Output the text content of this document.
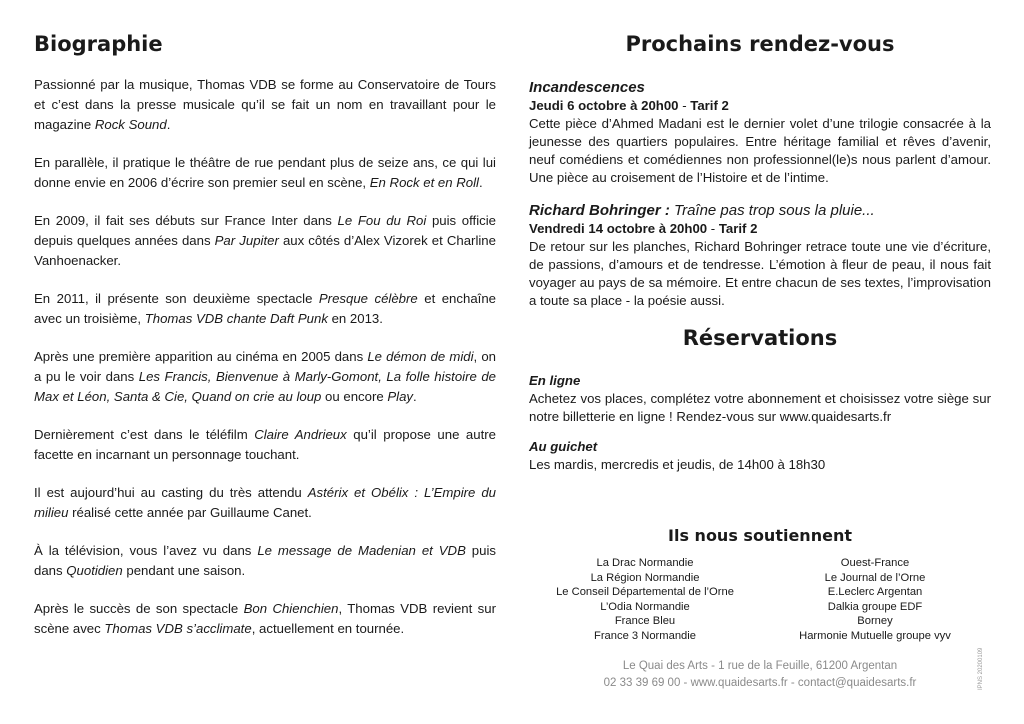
Biographie

Passionné par la musique, Thomas VDB se forme au Conservatoire de Tours et c’est dans la presse musicale qu’il se fait un nom en travaillant pour le magazine Rock Sound.

En parallèle, il pratique le théâtre de rue pendant plus de seize ans, ce qui lui donne envie en 2006 d’écrire son premier seul en scène, En Rock et en Roll.

En 2009, il fait ses débuts sur France Inter dans Le Fou du Roi puis officie depuis quelques années dans Par Jupiter aux côtés d’Alex Vizorek et Charline Vanhoenacker.

En 2011, il présente son deuxième spectacle Presque célèbre et enchaîne avec un troisième, Thomas VDB chante Daft Punk en 2013.

Après une première apparition au cinéma en 2005 dans Le démon de midi, on a pu le voir dans Les Francis, Bienvenue à Marly-Gomont, La folle histoire de Max et Léon, Santa & Cie, Quand on crie au loup ou encore Play.

Dernièrement c’est dans le téléfilm Claire Andrieux qu’il propose une autre facette en incarnant un personnage touchant.

Il est aujourd’hui au casting du très attendu Astérix et Obélix : L’Empire du milieu réalisé cette année par Guillaume Canet.

À la télévision, vous l’avez vu dans Le message de Madenian et VDB puis dans Quotidien pendant une saison.

Après le succès de son spectacle Bon Chienchien, Thomas VDB revient sur scène avec Thomas VDB s’acclimate, actuellement en tournée.

Prochains rendez-vous
Incandescences
Jeudi 6 octobre à 20h00 - Tarif 2

Cette pièce d’Ahmed Madani est le dernier volet d’une trilogie consacrée à la jeunesse des quartiers populaires. Entre héritage familial et rêves d’avenir, neuf comédiens et comédiennes non professionnel(le)s nous parlent d’amour. Une pièce au croisement de l’Histoire et de l’intime.

Richard Bohringer : Traîne pas trop sous la pluie...
Vendredi 14 octobre à 20h00 - Tarif 2

De retour sur les planches, Richard Bohringer retrace toute une vie d’écriture, de passions, d’amours et de tendresse. L’émotion à fleur de peau, il nous fait voyager au pays de sa mémoire. Et entre chacun de ses textes, l’improvisation a toute sa place - la poésie aussi.

Réservations
En ligne

Achetez vos places, complétez votre abonnement et choisissez votre siège sur notre billetterie en ligne ! Rendez-vous sur www.quaidesarts.fr

Au guichet

Les mardis, mercredis et jeudis, de 14h00 à 18h30

Ils nous soutiennent
La Drac Normandie
La Région Normandie
Le Conseil Départemental de l’Orne
L’Odia Normandie
France Bleu
France 3 Normandie
Ouest-France
Le Journal de l’Orne
E.Leclerc Argentan
Dalkia groupe EDF
Borney
Harmonie Mutuelle groupe vyv
Le Quai des Arts - 1 rue de la Feuille, 61200 Argentan
02 33 39 69 00 - www.quaidesarts.fr - contact@quaidesarts.fr	IPNS 20200109
